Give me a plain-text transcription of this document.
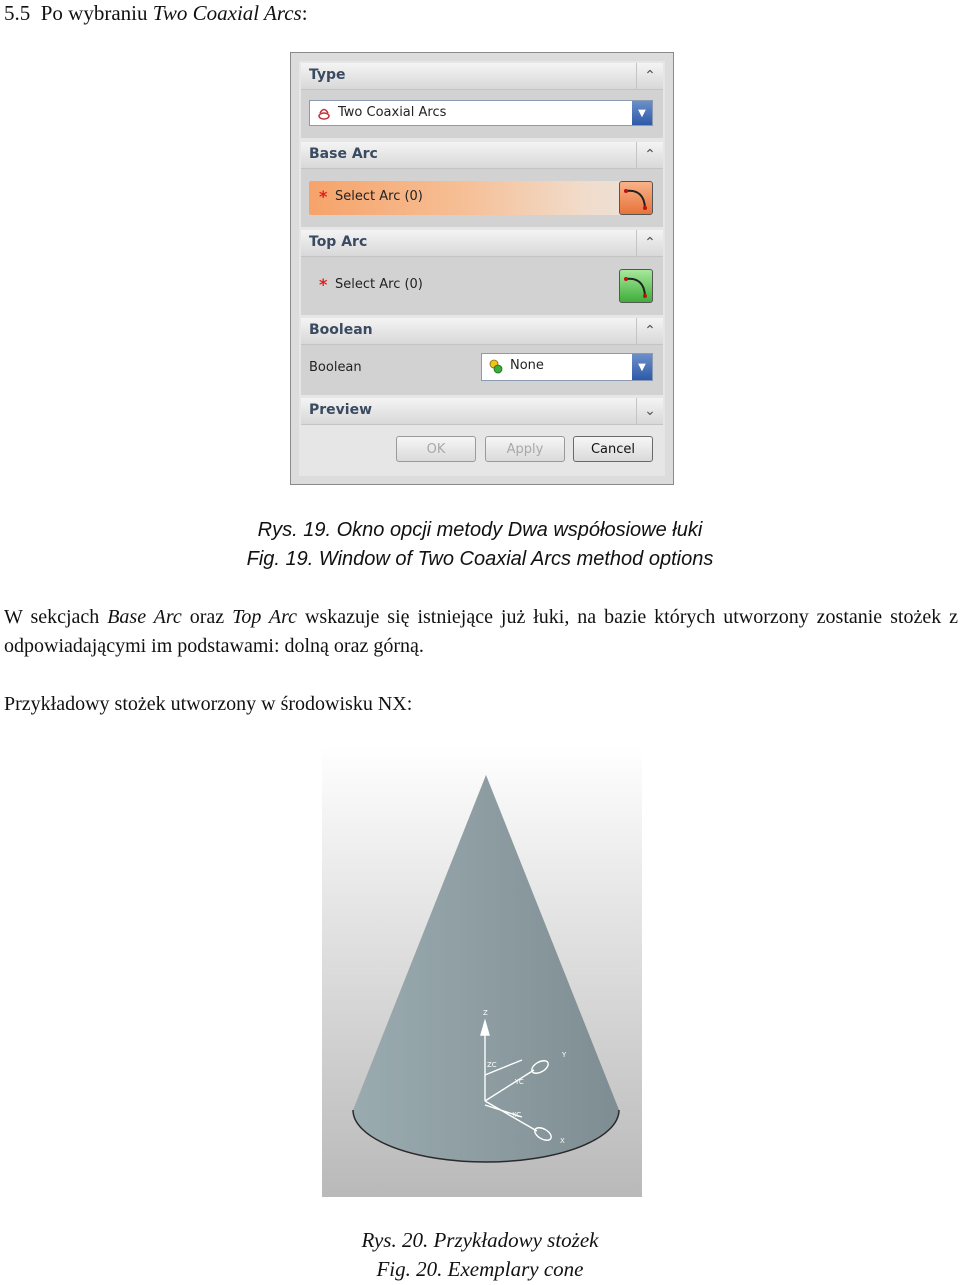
5.5 Po wybraniu Two Coaxial Arcs:
Type	⌃
Two Coaxial Arcs	▼
Base Arc	⌃
* Select Arc (0)
Top Arc	⌃
* Select Arc (0)
Boolean	⌃
Boolean	None	▼
Preview	⌄
OK	Apply	Cancel
Rys. 19. Okno opcji metody Dwa współosiowe łuki
Fig. 19. Window of Two Coaxial Arcs method options
W sekcjach Base Arc oraz Top Arc wskazuje się istniejące już łuki, na bazie których utworzony zostanie stożek z odpowiadającymi im podstawami: dolną oraz górną.
Przykładowy stożek utworzony w środowisku NX:
Z
ZC
Y
YC
XC
X
Rys. 20. Przykładowy stożek
Fig. 20. Exemplary cone
